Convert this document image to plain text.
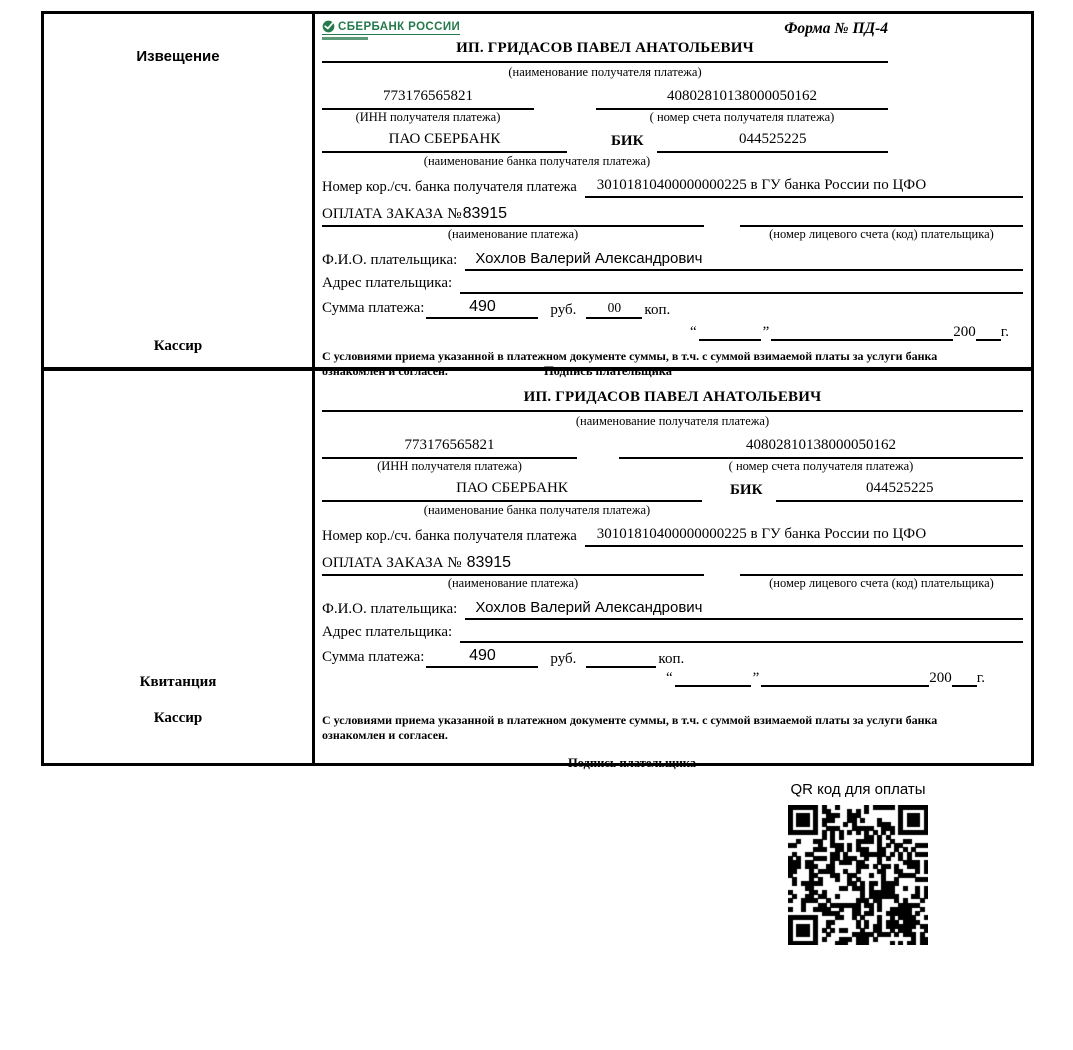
Извещение
Кассир
СБЕРБАНК РОССИИ	Форма № ПД-4
ИП. ГРИДАСОВ ПАВЕЛ АНАТОЛЬЕВИЧ
(наименование получателя платежа)
773176565821	40802810138000050162
(ИНН получателя платежа)	( номер счета получателя платежа)
ПАО СБЕРБАНК	БИК	044525225
(наименование банка получателя платежа)
Номер кор./сч. банка получателя платежа	30101810400000000225 в ГУ банка России по ЦФО
ОПЛАТА ЗАКАЗА №83915
(наименование платежа)	(номер лицевого счета (код) плательщика)
Ф.И.О. плательщика:	Хохлов Валерий Александрович
Адрес плательщика:
Сумма платежа:	490	руб.	00	коп.
“	”	200 г.
С условиями приема указанной в платежном документе суммы, в т.ч. с суммой взимаемой платы за услуги банка
ознакомлен и согласен.	Подпись плательщика
Квитанция
Кассир
ИП. ГРИДАСОВ ПАВЕЛ АНАТОЛЬЕВИЧ
(наименование получателя платежа)
773176565821	40802810138000050162
(ИНН получателя платежа)	( номер счета получателя платежа)
ПАО СБЕРБАНК	БИК	044525225
(наименование банка получателя платежа)
Номер кор./сч. банка получателя платежа	30101810400000000225 в ГУ банка России по ЦФО
ОПЛАТА ЗАКАЗА № 83915
(наименование платежа)	(номер лицевого счета (код) плательщика)
Ф.И.О. плательщика:	Хохлов Валерий Александрович
Адрес плательщика:
Сумма платежа:	490	руб.	коп.
“	”	200 г.
С условиями приема указанной в платежном документе суммы, в т.ч. с суммой взимаемой платы за услуги банка
ознакомлен и согласен.
Подпись плательщика
QR код для оплаты
